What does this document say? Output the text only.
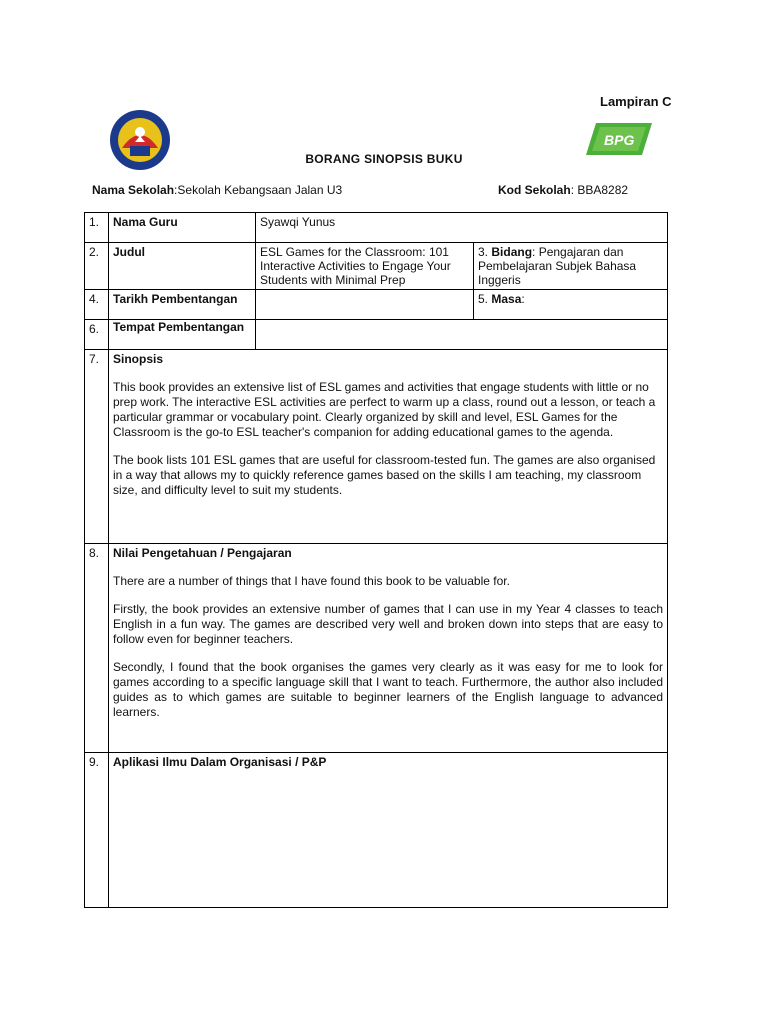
Lampiran C
BPG
BORANG SINOPSIS BUKU
Nama Sekolah:Sekolah Kebangsaan Jalan U3	Kod Sekolah: BBA8282
1.	Nama Guru	Syawqi Yunus	
2.	Judul	ESL Games for the Classroom: 101 Interactive Activities to Engage Your Students with Minimal Prep	3. Bidang: Pengajaran dan Pembelajaran Subjek Bahasa Inggeris
4.	Tarikh Pembentangan		5. Masa:
6.	Tempat Pembentangan		
7.	Sinopsis

This book provides an extensive list of ESL games and activities that engage students with little or no prep work. The interactive ESL activities are perfect to warm up a class, round out a lesson, or teach a particular grammar or vocabulary point. Clearly organized by skill and level, ESL Games for the Classroom is the go-to ESL teacher's companion for adding educational games to the agenda.

The book lists 101 ESL games that are useful for classroom-tested fun. The games are also organised in a way that allows my to quickly reference games based on the skills I am teaching, my classroom size, and difficulty level to suit my students.		

8.	Nilai Pengetahuan / Pengajaran

There are a number of things that I have found this book to be valuable for.

Firstly, the book provides an extensive number of games that I can use in my Year 4 classes to teach English in a fun way. The games are described very well and broken down into steps that are easy to follow even for beginner teachers.

Secondly, I found that the book organises the games very clearly as it was easy for me to look for games according to a specific language skill that I want to teach. Furthermore, the author also included guides as to which games are suitable to beginner learners of the English language to advanced learners.		

9.	Aplikasi Ilmu Dalam Organisasi / P&P		
